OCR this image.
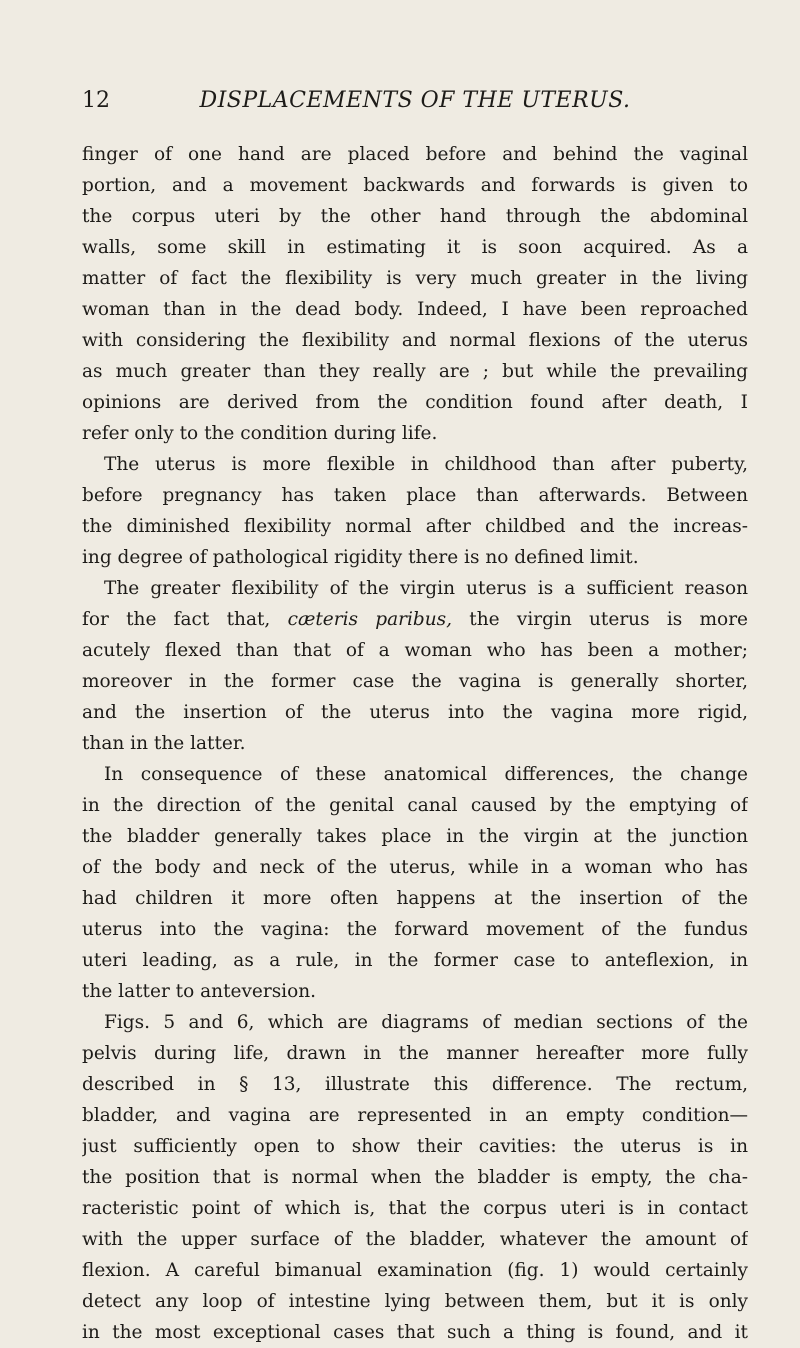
12	DISPLACEMENTS OF THE UTERUS.
finger of one hand are placed before and behind the vaginal
portion, and a movement backwards and forwards is given to
the corpus uteri by the other hand through the abdominal
walls, some skill in estimating it is soon acquired. As a
matter of fact the flexibility is very much greater in the living
woman than in the dead body. Indeed, I have been reproached
with considering the flexibility and normal flexions of the uterus
as much greater than they really are ; but while the prevailing
opinions are derived from the condition found after death, I
refer only to the condition during life.
The uterus is more flexible in childhood than after puberty,
before pregnancy has taken place than afterwards. Between
the diminished flexibility normal after childbed and the increas-
ing degree of pathological rigidity there is no defined limit.
The greater flexibility of the virgin uterus is a sufficient reason
for the fact that, cæteris paribus, the virgin uterus is more
acutely flexed than that of a woman who has been a mother;
moreover in the former case the vagina is generally shorter,
and the insertion of the uterus into the vagina more rigid,
than in the latter.
In consequence of these anatomical differences, the change
in the direction of the genital canal caused by the emptying of
the bladder generally takes place in the virgin at the junction
of the body and neck of the uterus, while in a woman who has
had children it more often happens at the insertion of the
uterus into the vagina: the forward movement of the fundus
uteri leading, as a rule, in the former case to anteflexion, in
the latter to anteversion.
Figs. 5 and 6, which are diagrams of median sections of the
pelvis during life, drawn in the manner hereafter more fully
described in § 13, illustrate this difference. The rectum,
bladder, and vagina are represented in an empty condition—
just sufficiently open to show their cavities: the uterus is in
the position that is normal when the bladder is empty, the cha-
racteristic point of which is, that the corpus uteri is in contact
with the upper surface of the bladder, whatever the amount of
flexion. A careful bimanual examination (fig. 1) would certainly
detect any loop of intestine lying between them, but it is only
in the most exceptional cases that such a thing is found, and it
